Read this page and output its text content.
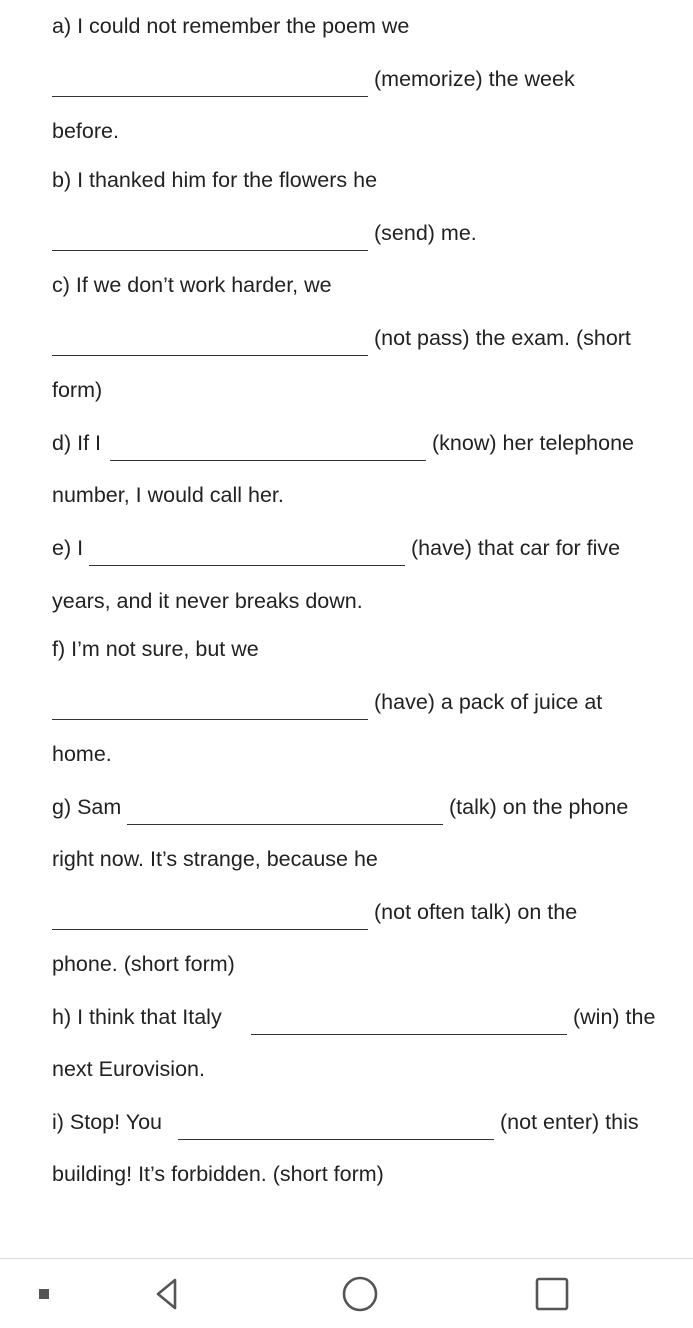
a) I could not remember the poem we
(memorize) the week
before.
b) I thanked him for the flowers he
(send) me.
c) If we don’t work harder, we
(not pass) the exam. (short
form)
d) If I	(know) her telephone
number, I would call her.
e) I	(have) that car for five
years, and it never breaks down.
f) I’m not sure, but we
(have) a pack of juice at
home.
g) Sam	(talk) on the phone
right now. It’s strange, because he
(not often talk) on the
phone. (short form)
h) I think that Italy	(win) the
next Eurovision.
i) Stop! You	(not enter) this
building! It’s forbidden. (short form)
